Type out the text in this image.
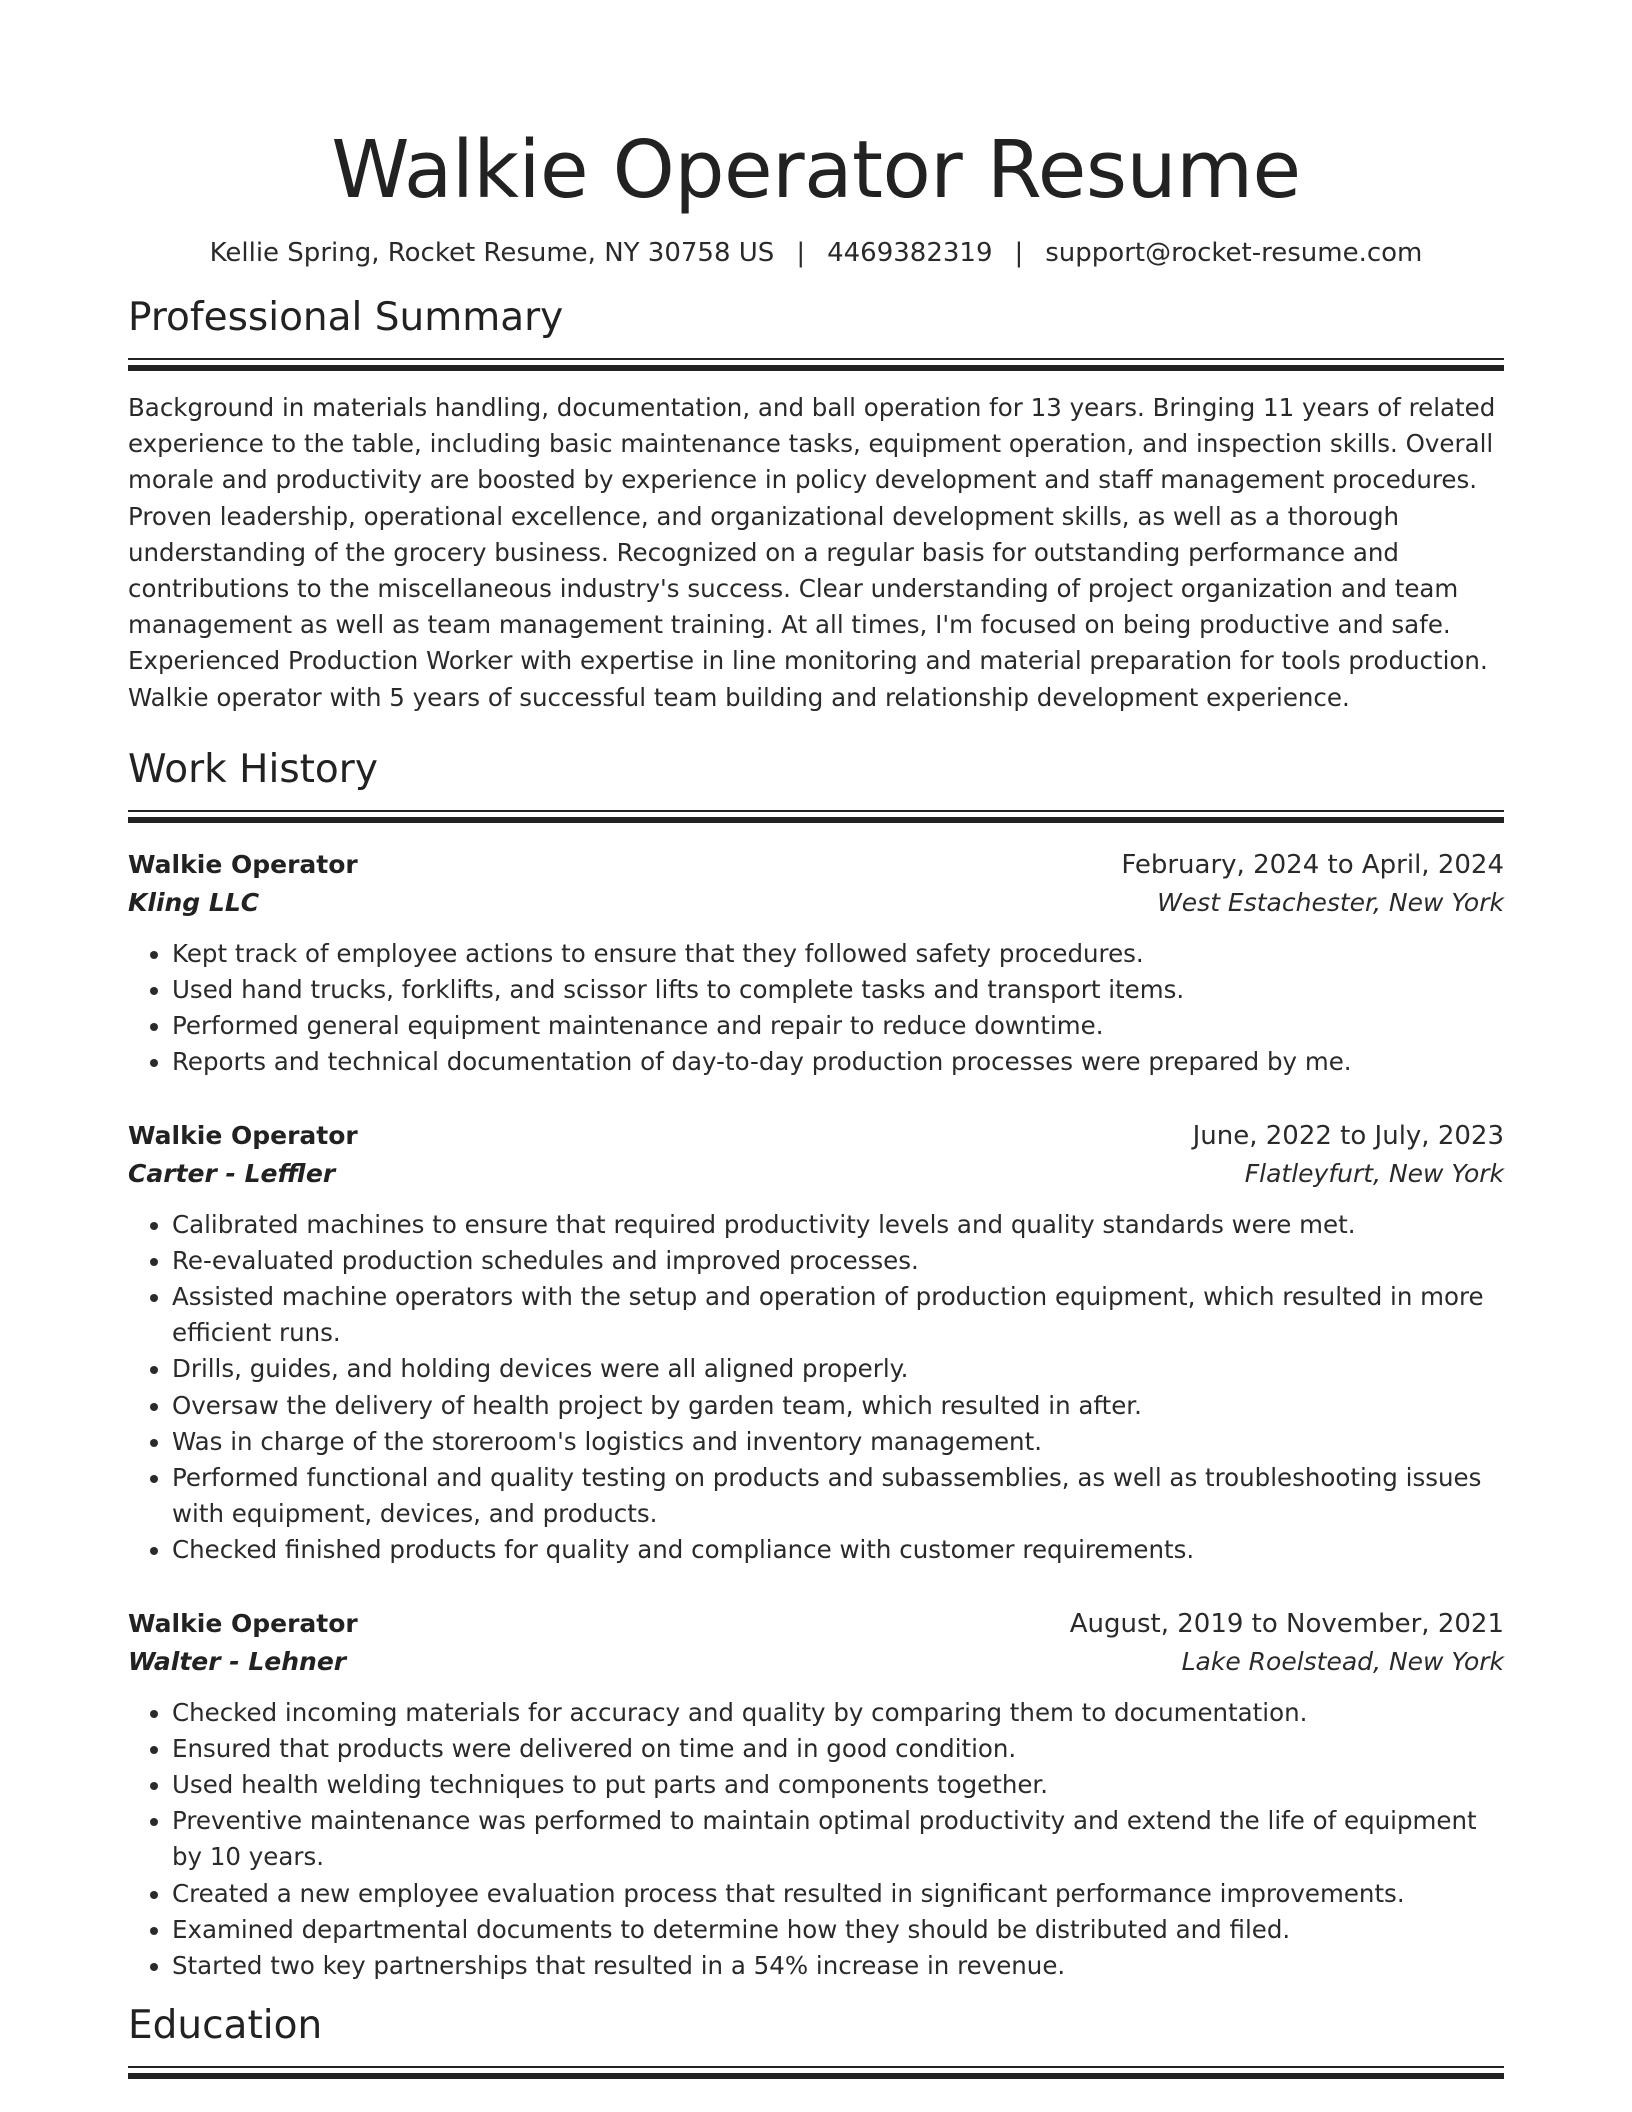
Walkie Operator Resume
Kellie Spring, Rocket Resume, NY 30758 US | 4469382319 | support@rocket-resume.com
Professional Summary

Background in materials handling, documentation, and ball operation for 13 years. Bringing 11 years of related experience to the table, including basic maintenance tasks, equipment operation, and inspection skills. Overall morale and productivity are boosted by experience in policy development and staff management procedures. Proven leadership, operational excellence, and organizational development skills, as well as a thorough understanding of the grocery business. Recognized on a regular basis for outstanding performance and contributions to the miscellaneous industry's success. Clear understanding of project organization and team management as well as team management training. At all times, I'm focused on being productive and safe. Experienced Production Worker with expertise in line monitoring and material preparation for tools production. Walkie operator with 5 years of successful team building and relationship development experience.

Work History
Walkie Operator	February, 2024 to April, 2024
Kling LLC	West Estachester, New York
• Kept track of employee actions to ensure that they followed safety procedures.
• Used hand trucks, forklifts, and scissor lifts to complete tasks and transport items.
• Performed general equipment maintenance and repair to reduce downtime.
• Reports and technical documentation of day-to-day production processes were prepared by me.
Walkie Operator	June, 2022 to July, 2023
Carter - Leffler	Flatleyfurt, New York
• Calibrated machines to ensure that required productivity levels and quality standards were met.
• Re-evaluated production schedules and improved processes.
• Assisted machine operators with the setup and operation of production equipment, which resulted in more efficient runs.
• Drills, guides, and holding devices were all aligned properly.
• Oversaw the delivery of health project by garden team, which resulted in after.
• Was in charge of the storeroom's logistics and inventory management.
• Performed functional and quality testing on products and subassemblies, as well as troubleshooting issues with equipment, devices, and products.
• Checked finished products for quality and compliance with customer requirements.
Walkie Operator	August, 2019 to November, 2021
Walter - Lehner	Lake Roelstead, New York
• Checked incoming materials for accuracy and quality by comparing them to documentation.
• Ensured that products were delivered on time and in good condition.
• Used health welding techniques to put parts and components together.
• Preventive maintenance was performed to maintain optimal productivity and extend the life of equipment by 10 years.
• Created a new employee evaluation process that resulted in significant performance improvements.
• Examined departmental documents to determine how they should be distributed and filed.
• Started two key partnerships that resulted in a 54% increase in revenue.
Education
